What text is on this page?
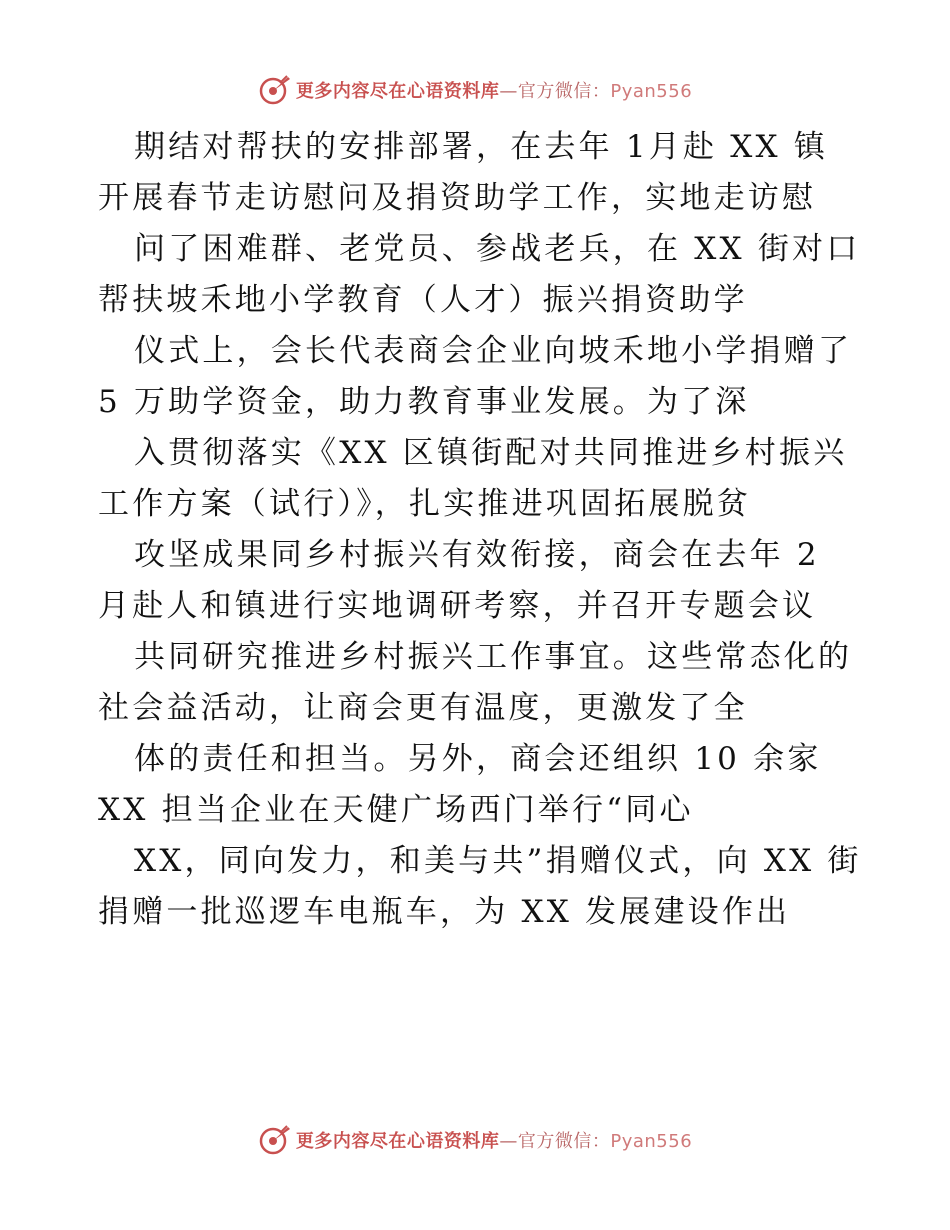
更多内容尽在心语资料库—官方微信：Pyan556
期结对帮扶的安排部署，在去年 1月赴 XX 镇
开展春节走访慰问及捐资助学工作，实地走访慰
问了困难群、老党员、参战老兵，在 XX 街对口
帮扶坡禾地小学教育（人才）振兴捐资助学
仪式上，会长代表商会企业向坡禾地小学捐赠了
5 万助学资金，助力教育事业发展。为了深
入贯彻落实《XX 区镇街配对共同推进乡村振兴
工作方案（试行）》，扎实推进巩固拓展脱贫
攻坚成果同乡村振兴有效衔接，商会在去年 2
月赴人和镇进行实地调研考察，并召开专题会议
共同研究推进乡村振兴工作事宜。这些常态化的
社会益活动，让商会更有温度，更激发了全
体的责任和担当。另外，商会还组织 10 余家
XX 担当企业在天健广场西门举行“同心
XX，同向发力，和美与共”捐赠仪式，向 XX 街
捐赠一批巡逻车电瓶车，为 XX 发展建设作出
更多内容尽在心语资料库—官方微信：Pyan556
